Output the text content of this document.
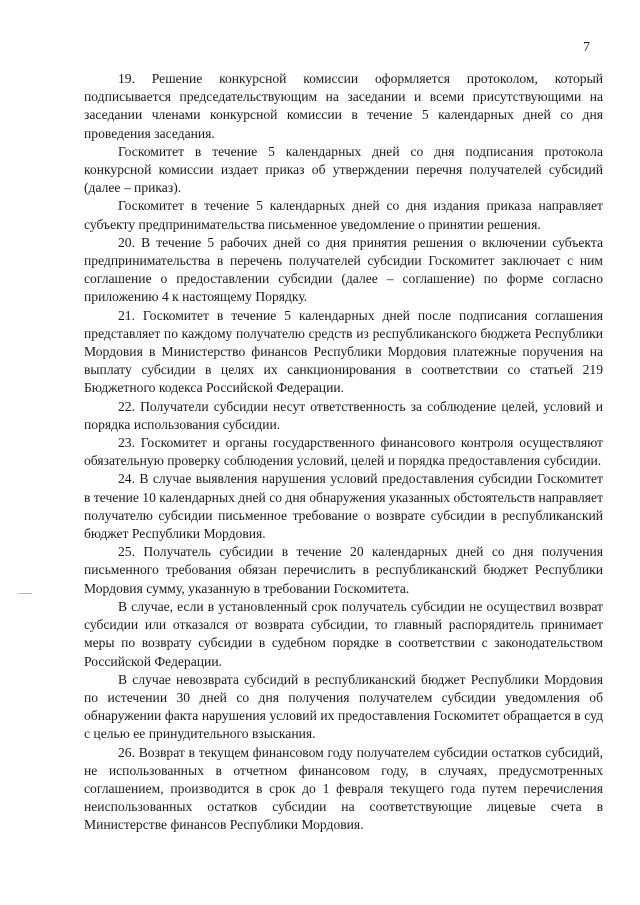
7

19. Решение конкурсной комиссии оформляется протоколом, который подписывается председательствующим на заседании и всеми присутствующими на заседании членами конкурсной комиссии в течение 5 календарных дней со дня проведения заседания.

Госкомитет в течение 5 календарных дней со дня подписания протокола конкурсной комиссии издает приказ об утверждении перечня получателей субсидий (далее – приказ).

Госкомитет в течение 5 календарных дней со дня издания приказа направляет субъекту предпринимательства письменное уведомление о принятии решения.

20. В течение 5 рабочих дней со дня принятия решения о включении субъекта предпринимательства в перечень получателей субсидии Госкомитет заключает с ним соглашение о предоставлении субсидии (далее – соглашение) по форме согласно приложению 4 к настоящему Порядку.

21. Госкомитет в течение 5 календарных дней после подписания соглашения представляет по каждому получателю средств из республиканского бюджета Республики Мордовия в Министерство финансов Республики Мордовия платежные поручения на выплату субсидии в целях их санкционирования в соответствии со статьей 219 Бюджетного кодекса Российской Федерации.

22. Получатели субсидии несут ответственность за соблюдение целей, условий и порядка использования субсидии.

23. Госкомитет и органы государственного финансового контроля осуществляют обязательную проверку соблюдения условий, целей и порядка предоставления субсидии.

24. В случае выявления нарушения условий предоставления субсидии Госкомитет в течение 10 календарных дней со дня обнаружения указанных обстоятельств направляет получателю субсидии письменное требование о возврате субсидии в республиканский бюджет Республики Мордовия.

25. Получатель субсидии в течение 20 календарных дней со дня получения письменного требования обязан перечислить в республиканский бюджет Республики Мордовия сумму, указанную в требовании Госкомитета.

В случае, если в установленный срок получатель субсидии не осуществил возврат субсидии или отказался от возврата субсидии, то главный распорядитель принимает меры по возврату субсидии в судебном порядке в соответствии с законодательством Российской Федерации.

В случае невозврата субсидий в республиканский бюджет Республики Мордовия по истечении 30 дней со дня получения получателем субсидии уведомления об обнаружении факта нарушения условий их предоставления Госкомитет обращается в суд с целью ее принудительного взыскания.

26. Возврат в текущем финансовом году получателем субсидии остатков субсидий, не использованных в отчетном финансовом году, в случаях, предусмотренных соглашением, производится в срок до 1 февраля текущего года путем перечисления неиспользованных остатков субсидии на соответствующие лицевые счета в Министерстве финансов Республики Мордовия.
